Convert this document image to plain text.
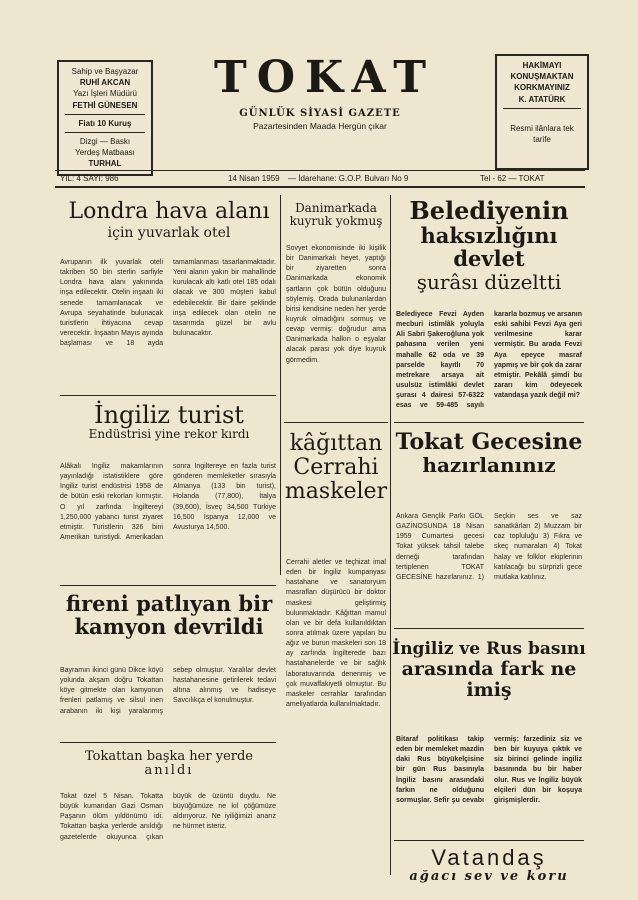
Sahip ve Başyazar
RUHİ AKCAN
Yazı İşleri Müdürü
FETHİ GÜNESEN
Fiatı 10 Kuruş
Dizgi — Baskı
Yerdeş Matbaası
TURHAL
HAKİMAYI
KONUŞMAKTAN
KORKMAYINIZ
K. ATATÜRK
Resmi ilânlara tek tarife
TOKAT
GÜNLÜK SİYASİ GAZETE
Pazartesinden Maada Hergün çıkar
YIL: 4 SAYI: 986	14 Nisan 1959 — İdarehane: G.O.P. Bulvarı No 9	Tel - 62 — TOKAT
Londra hava alanı
için yuvarlak otel
Avrupanın ilk yuvarlak oteli takriben 50 bin sterlin sarfiyle Londra hava alanı yakınında inşa edilecektir. Otelin inşaatı iki senede tamamlanacak ve Avrupa seyahatinde bulunacak turistlerin ihtiyacına cevap verecektir. İnşaatın Mayıs ayında başlaması ve 18 ayda tamamlanması tasarlanmaktadır. Yeni alanın yakın bir mahallinde kurulacak altı katlı otel 185 odalı olacak ve 300 müşteri kabul edebilecektir. Bir daire şeklinde inşa edilecek olan otelin ne tasarımda güzel bir avlu bulunacaktır.
Danimarkada
kuyruk yokmuş
Sovyet ekonomisinde iki kişilik bir Danimarkalı heyet, yaptığı bir ziyaretten sonra Danimarkada ekonomik şartların çok bütün olduğunu söylemiş. Orada bulunanlardan birisi kendisine neden her yerde kuyruk olmadığını sormuş ve cevap vermiş: doğrudur ama Danimarkada halkın o eşyalar alacak parası yok diye kuyruk görmedim.
Belediyenin
haksızlığını devlet
şurâsı düzeltti
Belediyece Fevzi Ayden mecburi istimlâk yoluyla Ali Sabri Şakeroğluna yok pahasına verilen yeni mahalle 62 oda ve 39 parselde kayıtlı 70 metrekare arsaya ait usulsüz istimlâki devlet şurası 4 dairesi 57-6322 esas ve 59-485 sayılı kararla bozmuş ve arsanın eski sahibi Fevzi Aya geri verilmesine karar vermiştir. Bu arada Fevzi Aya epeyce masraf yapmış ve bir çok da zarar etmiştir. Pekâlâ şimdi bu zararı kim ödeyecek vatandaşa yazık değil mi?
İngiliz turist
Endüstrisi yine rekor kırdı
Alâkalı İngiliz makamlarının yayınladığı istatistiklere göre İngiliz turist endüstrisi 1958 de de bütün eski rekorları kırmıştır. O yıl zarfında İngiltereyi 1,250,000 yabancı turist ziyaret etmiştir. Turistlerin 326 bini Amerikan turistiydi. Amerikadan sonra İngiltereye en fazla turist gönderen memleketler sırasıyla Almanya (133 bin turist), Holanda (77,800), İtalya (39,600), İsveç 34,500 Türkiye 16,500 İspanya 12,000 ve Avusturya 14,500.
kâğıttan
Cerrahi
maskeler
Cerrahi aletler ve teçhizat imal eden bir İngiliz kumpanyası hastahane ve sanatoryum masrafları düşürücü bir doktor maskesi geliştirmiş bulunmaktadır. Kâğıttan mamul olan ve bir defa kullanıldıktan sonra atılmak üzere yapılan bu ağız ve burun maskeleri son 18 ay zarfında İngilterede bazı hastahanelerde ve bir sağlık laboratuvarında denenmiş ve çok muvaffakiyetli olmuştur. Bu maskeler cerrahlar tarafından ameliyatlarda kullanılmaktadır.
Tokat Gecesine
hazırlanınız
Ankara Gençlik Parkı GÖL GAZİNOSUNDA 18 Nisan 1959 Cumartesi gecesi Tokat yüksek tahsil talebe derneği tarafından tertiplenen TOKAT GECESİNE hazırlanınız. 1) Seçkin ses ve saz sanatkârları 2) Muzzam bir caz topluluğu 3) Fıkra ve skeç numaraları 4) Tokat halay ve folklor ekiplerinin katılacağı bu sürprizli gece mutlaka katılınız.
fireni patlıyan bir
kamyon devrildi
Bayramın ikinci günü Dikce köyü yolunda akşam doğru Tokattan köye gitmekte olan kamyonun frenleri patlamış ve silsul inen arabanın iki kişi yaralanmış sebep olmuştur. Yaralılar devlet hastahanesine getirilerek tedavi altına alınmış ve hadiseye Savcılıkça el konulmuştur.
İngiliz ve Rus basını
arasında fark ne
imiş
Bitaraf politikası takip eden bir memleket mazdin daki Rus büyükelçisine bir gün Rus basınıyla İngiliz basını arasındaki farkın ne olduğunu sormuşlar. Sefir şu cevabı vermiş: farzediniz siz ve ben bir kuyuya çıktık ve siz birinci gelinde ingiliz basınında bu bir haber olur. Rus ve İngiliz büyük elçileri dün bir koşuya girişmişlerdir.
Tokattan başka her yerde
anıldı
Tokat özel 5 Nisan. Tokatta büyük kumandan Gazi Osman Paşanın ölüm yıldönümü idi. Tokattan başka yerlerde anıldığı gazetelerde okuyunca çıkan büyük de üzüntü duydu. Ne büyüğümüze ne kıl çöğümüze aldırıyoruz. Ne iyiliğimizi anarız ne hürmet isteriz.
Vatandaş
ağacı sev ve koru
